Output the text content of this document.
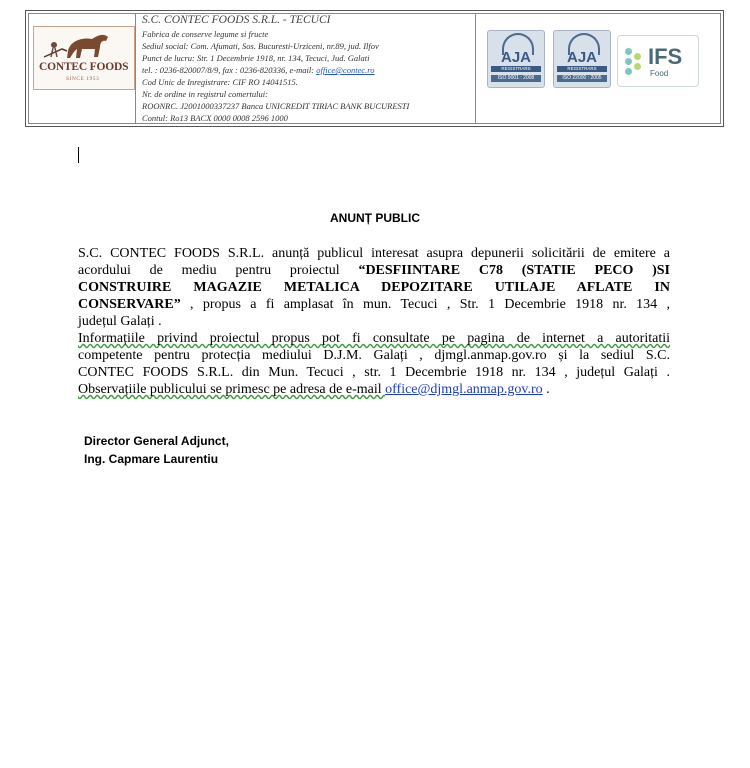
CONTEC FOODS
SINCE 1953
S.C. CONTEC FOODS S.R.L. - TECUCI
Fabrica de conserve legume si fructe
Sediul social: Com. Afumati, Sos. Bucuresti-Urziceni, nr.89, jud. Ilfov
Punct de lucru: Str. 1 Decembrie 1918, nr. 134, Tecuci, Jud. Galati
tel. : 0236-820007/8/9, fax : 0236-820336, e-mail: office@contec.ro
Cod Unic de Inregistrare: CIF RO 14041515.
Nr. de ordine in registrul comertului:
ROONRC. J2001000337237 Banca UNICREDIT TIRIAC BANK BUCURESTI
Contul: Ro13 BACX 0000 0008 2596 1000
AJA
REGISTRARS
ISO 9001 : 2008
AJA
REGISTRARS
ISO 22000 : 2005
IFS
Food
ANUNȚ PUBLIC
S.C. CONTEC FOODS S.R.L. anunță publicul interesat asupra depunerii solicitării de emitere a
acordului de mediu pentru proiectul “DESFIINTARE C78 (STATIE PECO )SI
CONSTRUIRE MAGAZIE METALICA DEPOZITARE UTILAJE AFLATE IN
CONSERVARE” , propus a fi amplasat în mun. Tecuci , Str. 1 Decembrie 1918 nr. 134 ,
județul Galați .
Informațiile privind proiectul propus pot fi consultate pe pagina de internet a autoritatii
competente pentru protecția mediului D.J.M. Galați , djmgl.anmap.gov.ro și la sediul S.C.
CONTEC FOODS S.R.L. din Mun. Tecuci , str. 1 Decembrie 1918 nr. 134 , județul Galați .
Observațiile publicului se primesc pe adresa de e-mail office@djmgl.anmap.gov.ro .
Director General Adjunct,
Ing. Capmare Laurentiu
